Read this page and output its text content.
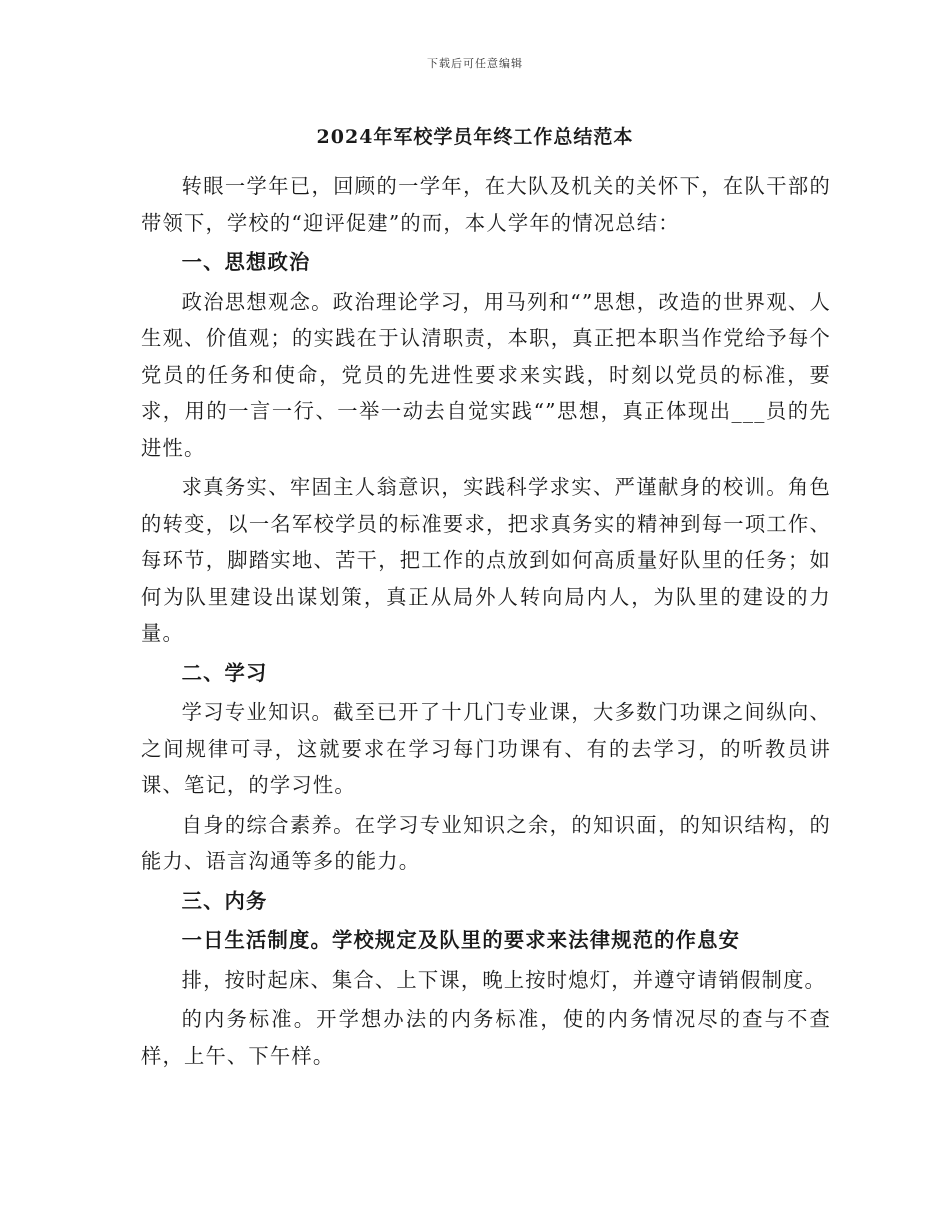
下载后可任意编辑
2024年军校学员年终工作总结范本

转眼一学年已，回顾的一学年，在大队及机关的关怀下，在队干部的带领下，学校的“迎评促建”的而，本人学年的情况总结：

一、思想政治

政治思想观念。政治理论学习，用马列和“”思想，改造的世界观、人生观、价值观；的实践在于认清职责，本职，真正把本职当作党给予每个党员的任务和使命，党员的先进性要求来实践，时刻以党员的标准，要求，用的一言一行、一举一动去自觉实践“”思想，真正体现出___员的先进性。

求真务实、牢固主人翁意识，实践科学求实、严谨献身的校训。角色的转变，以一名军校学员的标准要求，把求真务实的精神到每一项工作、每环节，脚踏实地、苦干，把工作的点放到如何高质量好队里的任务；如何为队里建设出谋划策，真正从局外人转向局内人，为队里的建设的力量。

二、学习

学习专业知识。截至已开了十几门专业课，大多数门功课之间纵向、之间规律可寻，这就要求在学习每门功课有、有的去学习，的听教员讲课、笔记，的学习性。

自身的综合素养。在学习专业知识之余，的知识面，的知识结构，的能力、语言沟通等多的能力。

三、内务

一日生活制度。学校规定及队里的要求来法律规范的作息安

排，按时起床、集合、上下课，晚上按时熄灯，并遵守请销假制度。

的内务标准。开学想办法的内务标准，使的内务情况尽的查与不查样，上午、下午样。
